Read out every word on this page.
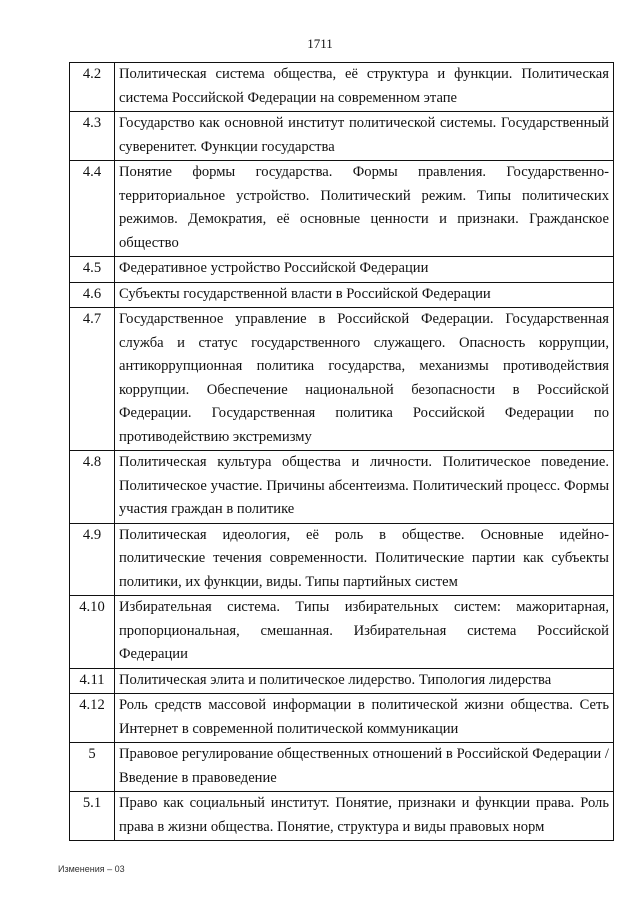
1711
4.2	Политическая система общества, её структура и функции. Политическая система Российской Федерации на современном этапе
4.3	Государство как основной институт политической системы. Государственный суверенитет. Функции государства
4.4	Понятие формы государства. Формы правления. Государственно-территориальное устройство. Политический режим. Типы политических режимов. Демократия, её основные ценности и признаки. Гражданское общество
4.5	Федеративное устройство Российской Федерации
4.6	Субъекты государственной власти в Российской Федерации
4.7	Государственное управление в Российской Федерации. Государственная служба и статус государственного служащего. Опасность коррупции, антикоррупционная политика государства, механизмы противодействия коррупции. Обеспечение национальной безопасности в Российской Федерации. Государственная политика Российской Федерации по противодействию экстремизму
4.8	Политическая культура общества и личности. Политическое поведение. Политическое участие. Причины абсентеизма. Политический процесс. Формы участия граждан в политике
4.9	Политическая идеология, её роль в обществе. Основные идейно-политические течения современности. Политические партии как субъекты политики, их функции, виды. Типы партийных систем
4.10	Избирательная система. Типы избирательных систем: мажоритарная, пропорциональная, смешанная. Избирательная система Российской Федерации
4.11	Политическая элита и политическое лидерство. Типология лидерства
4.12	Роль средств массовой информации в политической жизни общества. Сеть Интернет в современной политической коммуникации
5	Правовое регулирование общественных отношений в Российской Федерации / Введение в правоведение
5.1	Право как социальный институт. Понятие, признаки и функции права. Роль права в жизни общества. Понятие, структура и виды правовых норм
Изменения – 03
